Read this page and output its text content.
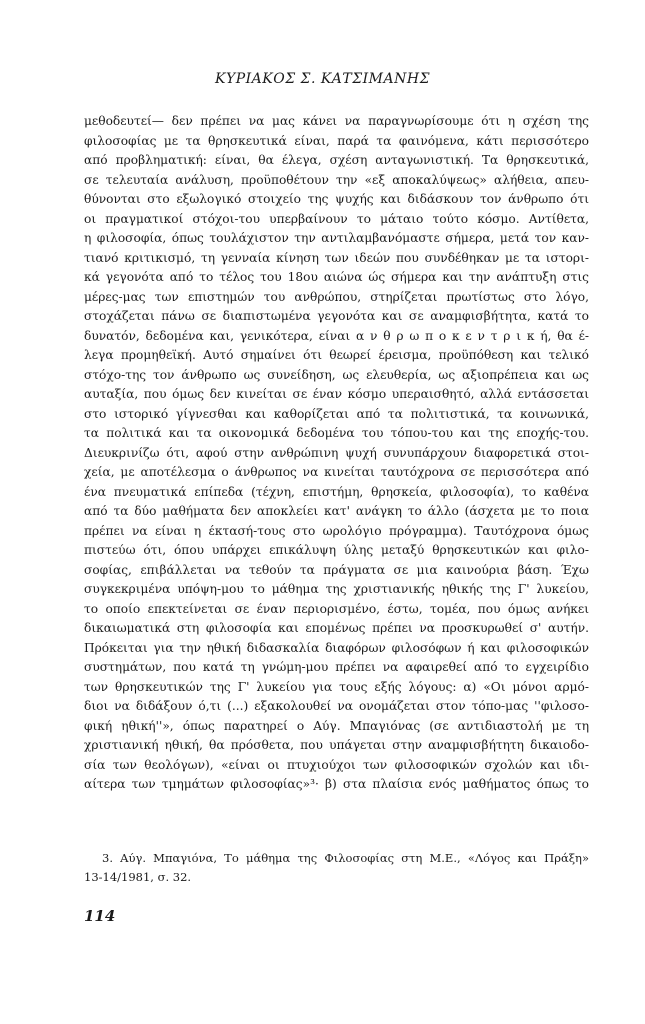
ΚΥΡΙΑΚΟΣ Σ. ΚΑΤΣΙΜΑΝΗΣ
μεθοδευτεί— δεν πρέπει να μας κάνει να παραγνωρίσουμε ότι η σχέση της
φιλοσοφίας με τα θρησκευτικά είναι, παρά τα φαινόμενα, κάτι περισσότερο
από προβληματική: είναι, θα έλεγα, σχέση ανταγωνιστική. Τα θρησκευτικά,
σε τελευταία ανάλυση, προϋποθέτουν την «εξ αποκαλύψεως» αλήθεια, απευ-
θύνονται στο εξωλογικό στοιχείο της ψυχής και διδάσκουν τον άνθρωπο ότι
οι πραγματικοί στόχοι-του υπερβαίνουν το μάταιο τούτο κόσμο. Αντίθετα,
η φιλοσοφία, όπως τουλάχιστον την αντιλαμβανόμαστε σήμερα, μετά τον καν-
τιανό κριτικισμό, τη γενναία κίνηση των ιδεών που συνδέθηκαν με τα ιστορι-
κά γεγονότα από το τέλος του 18ου αιώνα ώς σήμερα και την ανάπτυξη στις
μέρες-μας των επιστημών του ανθρώπου, στηρίζεται πρωτίστως στο λόγο,
στοχάζεται πάνω σε διαπιστωμένα γεγονότα και σε αναμφισβήτητα, κατά το
δυνατόν, δεδομένα και, γενικότερα, είναι α ν θ ρ ω π ο κ ε ν τ ρ ι κ ή, θα έ-
λεγα προμηθεϊκή. Αυτό σημαίνει ότι θεωρεί έρεισμα, προϋπόθεση και τελικό
στόχο-της τον άνθρωπο ως συνείδηση, ως ελευθερία, ως αξιοπρέπεια και ως
αυταξία, που όμως δεν κινείται σε έναν κόσμο υπεραισθητό, αλλά εντάσσεται
στο ιστορικό γίγνεσθαι και καθορίζεται από τα πολιτιστικά, τα κοινωνικά,
τα πολιτικά και τα οικονομικά δεδομένα του τόπου-του και της εποχής-του.
Διευκρινίζω ότι, αφού στην ανθρώπινη ψυχή συνυπάρχουν διαφορετικά στοι-
χεία, με αποτέλεσμα ο άνθρωπος να κινείται ταυτόχρονα σε περισσότερα από
ένα πνευματικά επίπεδα (τέχνη, επιστήμη, θρησκεία, φιλοσοφία), το καθένα
από τα δύο μαθήματα δεν αποκλείει κατ' ανάγκη το άλλο (άσχετα με το ποια
πρέπει να είναι η έκτασή-τους στο ωρολόγιο πρόγραμμα). Ταυτόχρονα όμως
πιστεύω ότι, όπου υπάρχει επικάλυψη ύλης μεταξύ θρησκευτικών και φιλο-
σοφίας, επιβάλλεται να τεθούν τα πράγματα σε μια καινούρια βάση. Έχω
συγκεκριμένα υπόψη-μου το μάθημα της χριστιανικής ηθικής της Γ' λυκείου,
το οποίο επεκτείνεται σε έναν περιορισμένο, έστω, τομέα, που όμως ανήκει
δικαιωματικά στη φιλοσοφία και επομένως πρέπει να προσκυρωθεί σ' αυτήν.
Πρόκειται για την ηθική διδασκαλία διαφόρων φιλοσόφων ή και φιλοσοφικών
συστημάτων, που κατά τη γνώμη-μου πρέπει να αφαιρεθεί από το εγχειρίδιο
των θρησκευτικών της Γ' λυκείου για τους εξής λόγους: α) «Οι μόνοι αρμό-
διοι να διδάξουν ό,τι (...) εξακολουθεί να ονομάζεται στον τόπο-μας ''φιλοσο-
φική ηθική''», όπως παρατηρεί ο Αύγ. Μπαγιόνας (σε αντιδιαστολή με τη
χριστιανική ηθική, θα πρόσθετα, που υπάγεται στην αναμφισβήτητη δικαιοδο-
σία των θεολόγων), «είναι οι πτυχιούχοι των φιλοσοφικών σχολών και ιδι-
αίτερα των τμημάτων φιλοσοφίας»³· β) στα πλαίσια ενός μαθήματος όπως το
3. Αύγ. Μπαγιόνα, Το μάθημα της Φιλοσοφίας στη Μ.Ε., «Λόγος και Πράξη»
13-14/1981, σ. 32.
114
